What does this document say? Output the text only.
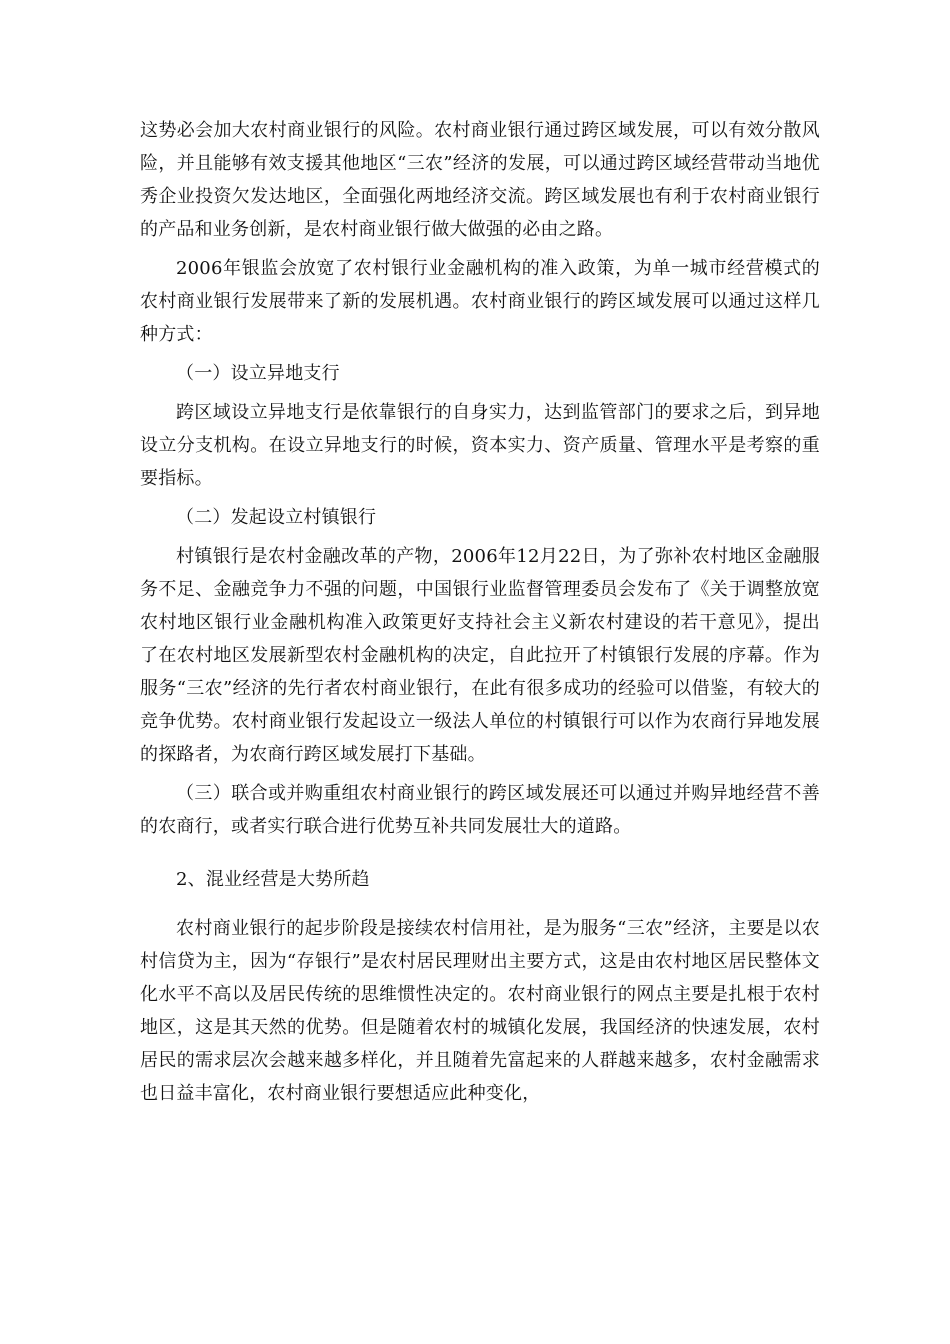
这势必会加大农村商业银行的风险。农村商业银行通过跨区域发展，可以有效分散风险，并且能够有效支援其他地区“三农”经济的发展，可以通过跨区域经营带动当地优秀企业投资欠发达地区，全面强化两地经济交流。跨区域发展也有利于农村商业银行的产品和业务创新，是农村商业银行做大做强的必由之路。

2006年银监会放宽了农村银行业金融机构的准入政策，为单一城市经营模式的农村商业银行发展带来了新的发展机遇。农村商业银行的跨区域发展可以通过这样几种方式：

（一）设立异地支行

跨区域设立异地支行是依靠银行的自身实力，达到监管部门的要求之后，到异地设立分支机构。在设立异地支行的时候，资本实力、资产质量、管理水平是考察的重要指标。

（二）发起设立村镇银行

村镇银行是农村金融改革的产物，2006年12月22日，为了弥补农村地区金融服务不足、金融竞争力不强的问题，中国银行业监督管理委员会发布了《关于调整放宽农村地区银行业金融机构准入政策更好支持社会主义新农村建设的若干意见》，提出了在农村地区发展新型农村金融机构的决定，自此拉开了村镇银行发展的序幕。作为服务“三农”经济的先行者农村商业银行，在此有很多成功的经验可以借鉴，有较大的竞争优势。农村商业银行发起设立一级法人单位的村镇银行可以作为农商行异地发展的探路者，为农商行跨区域发展打下基础。

（三）联合或并购重组农村商业银行的跨区域发展还可以通过并购异地经营不善的农商行，或者实行联合进行优势互补共同发展壮大的道路。

2、混业经营是大势所趋

农村商业银行的起步阶段是接续农村信用社，是为服务“三农”经济，主要是以农村信贷为主，因为“存银行”是农村居民理财出主要方式，这是由农村地区居民整体文化水平不高以及居民传统的思维惯性决定的。农村商业银行的网点主要是扎根于农村地区，这是其天然的优势。但是随着农村的城镇化发展，我国经济的快速发展，农村居民的需求层次会越来越多样化，并且随着先富起来的人群越来越多，农村金融需求也日益丰富化，农村商业银行要想适应此种变化，
